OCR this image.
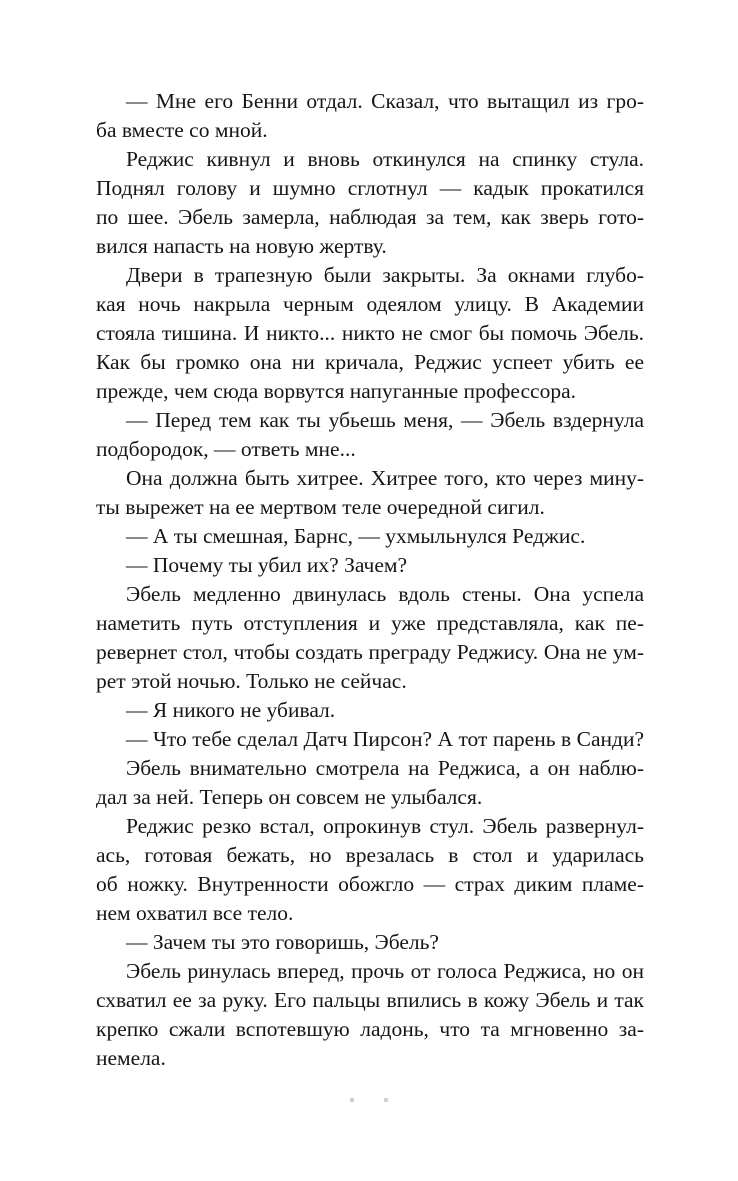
— Мне его Бенни отдал. Сказал, что вытащил из гро-

ба вместе со мной.

Реджис кивнул и вновь откинулся на спинку стула.

Поднял голову и шумно сглотнул — кадык прокатился

по шее. Эбель замерла, наблюдая за тем, как зверь гото-

вился напасть на новую жертву.

Двери в трапезную были закрыты. За окнами глубо-

кая ночь накрыла черным одеялом улицу. В Академии

стояла тишина. И никто... никто не смог бы помочь Эбель.

Как бы громко она ни кричала, Реджис успеет убить ее

прежде, чем сюда ворвутся напуганные профессора.

— Перед тем как ты убьешь меня, — Эбель вздернула

подбородок, — ответь мне...

Она должна быть хитрее. Хитрее того, кто через мину-

ты вырежет на ее мертвом теле очередной сигил.

— А ты смешная, Барнс, — ухмыльнулся Реджис.

— Почему ты убил их? Зачем?

Эбель медленно двинулась вдоль стены. Она успела

наметить путь отступления и уже представляла, как пе-

ревернет стол, чтобы создать преграду Реджису. Она не ум-

рет этой ночью. Только не сейчас.

— Я никого не убивал.

— Что тебе сделал Датч Пирсон? А тот парень в Санди?

Эбель внимательно смотрела на Реджиса, а он наблю-

дал за ней. Теперь он совсем не улыбался.

Реджис резко встал, опрокинув стул. Эбель развернул-

ась, готовая бежать, но врезалась в стол и ударилась

об ножку. Внутренности обожгло — страх диким пламе-

нем охватил все тело.

— Зачем ты это говоришь, Эбель?

Эбель ринулась вперед, прочь от голоса Реджиса, но он

схватил ее за руку. Его пальцы впились в кожу Эбель и так

крепко сжали вспотевшую ладонь, что та мгновенно за-

немела.
